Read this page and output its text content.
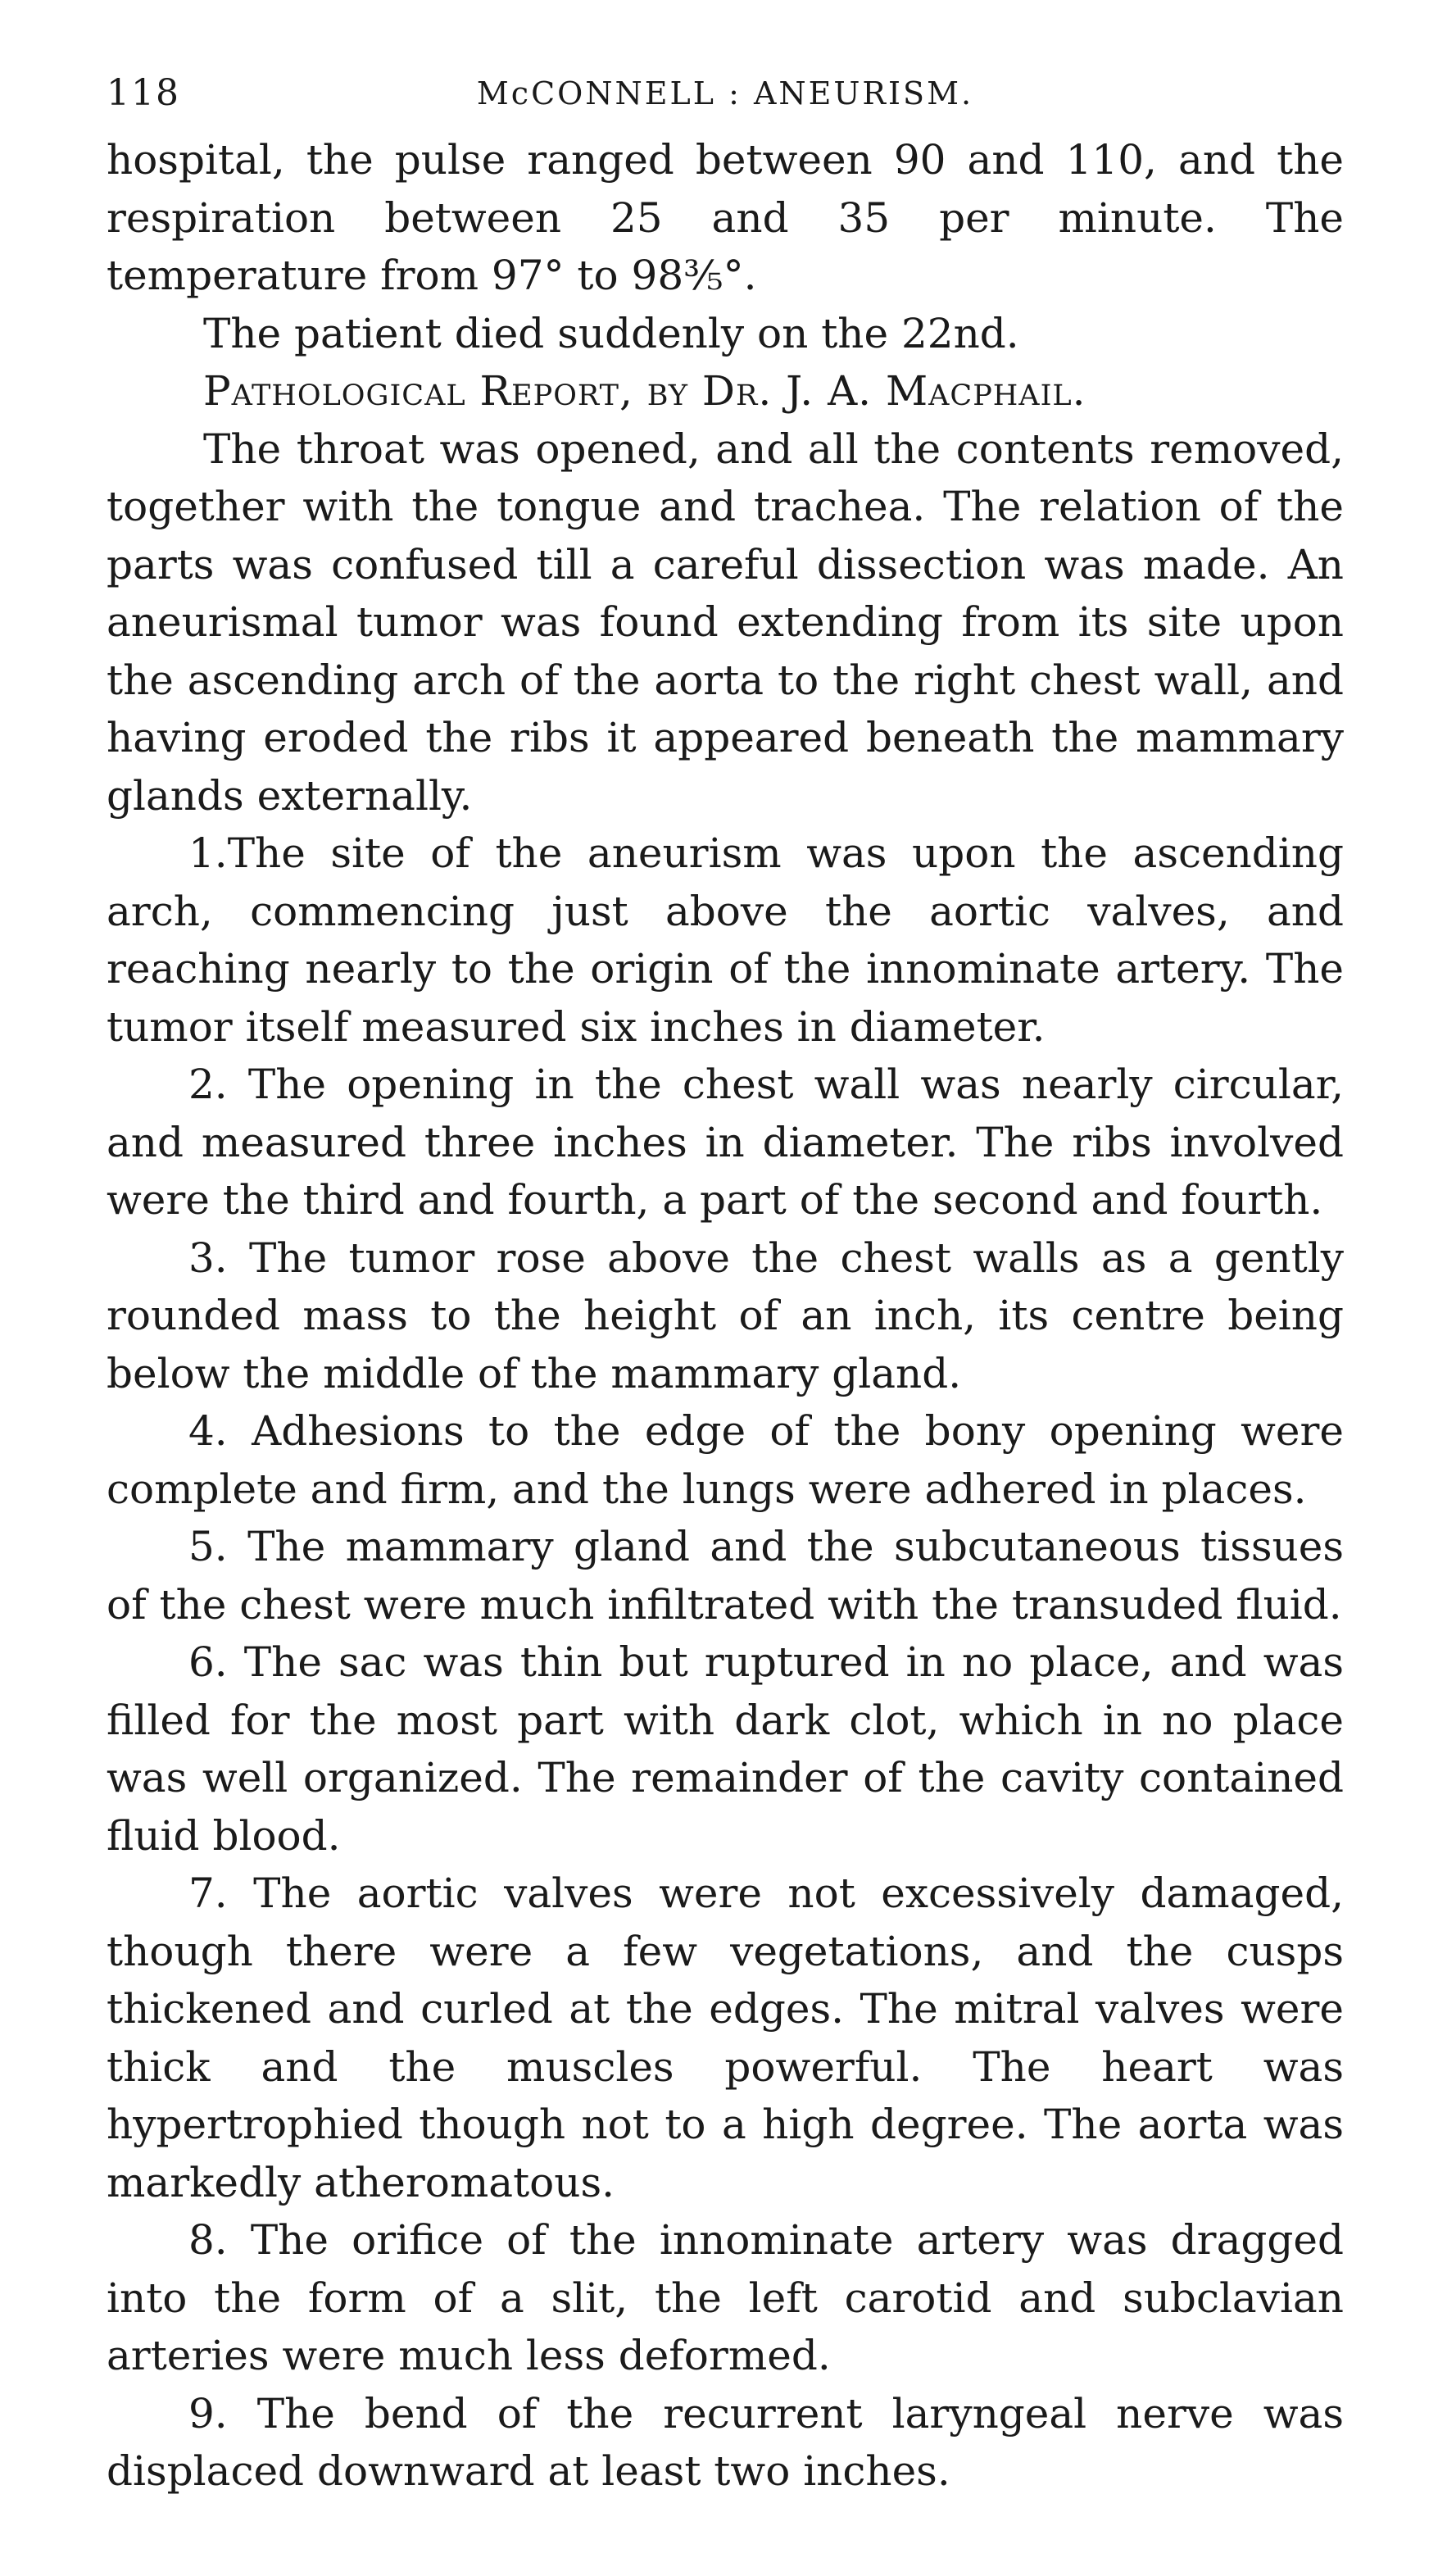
118	McCONNELL : ANEURISM.

hospital, the pulse ranged between 90 and 110, and the respiration between 25 and 35 per minute. The temperature from 97° to 98⅗°.

The patient died suddenly on the 22nd.

Pathological Report, by Dr. J. A. Macphail.

The throat was opened, and all the contents removed, together with the tongue and trachea. The relation of the parts was confused till a careful dissection was made. An aneurismal tumor was found extending from its site upon the ascending arch of the aorta to the right chest wall, and having eroded the ribs it appeared beneath the mammary glands externally.

1.The site of the aneurism was upon the ascending arch, commencing just above the aortic valves, and reaching nearly to the origin of the innominate artery. The tumor itself measured six inches in diameter.

2. The opening in the chest wall was nearly circular, and measured three inches in diameter. The ribs involved were the third and fourth, a part of the second and fourth.

3. The tumor rose above the chest walls as a gently rounded mass to the height of an inch, its centre being below the middle of the mammary gland.

4. Adhesions to the edge of the bony opening were complete and firm, and the lungs were adhered in places.

5. The mammary gland and the subcutaneous tissues of the chest were much infiltrated with the transuded fluid.

6. The sac was thin but ruptured in no place, and was filled for the most part with dark clot, which in no place was well organized. The remainder of the cavity contained fluid blood.

7. The aortic valves were not excessively damaged, though there were a few vegetations, and the cusps thickened and curled at the edges. The mitral valves were thick and the muscles powerful. The heart was hypertrophied though not to a high degree. The aorta was markedly atheromatous.

8. The orifice of the innominate artery was dragged into the form of a slit, the left carotid and subclavian arteries were much less deformed.

9. The bend of the recurrent laryngeal nerve was displaced downward at least two inches.
